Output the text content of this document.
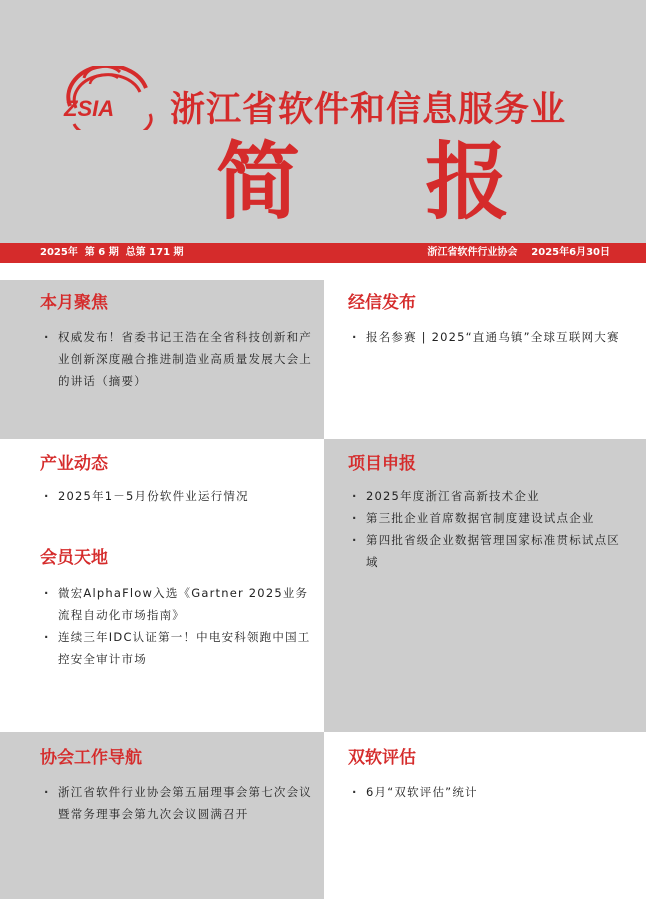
ZSIA 浙江省软件和信息服务业
简 报
2025年  第 6 期  总第 171 期	浙江省软件行业协会    2025年6月30日
本月聚焦
· 权威发布！省委书记王浩在全省科技创新和产业创新深度融合推进制造业高质量发展大会上的讲话（摘要）
经信发布
· 报名参赛 | 2025“直通乌镇”全球互联网大赛
产业动态
· 2025年1－5月份软件业运行情况
会员天地
· 微宏AlphaFlow入选《Gartner 2025业务流程自动化市场指南》
· 连续三年IDC认证第一！中电安科领跑中国工控安全审计市场
项目申报
· 2025年度浙江省高新技术企业
· 第三批企业首席数据官制度建设试点企业
· 第四批省级企业数据管理国家标准贯标试点区域
协会工作导航
· 浙江省软件行业协会第五届理事会第七次会议暨常务理事会第九次会议圆满召开
双软评估
· 6月“双软评估”统计
